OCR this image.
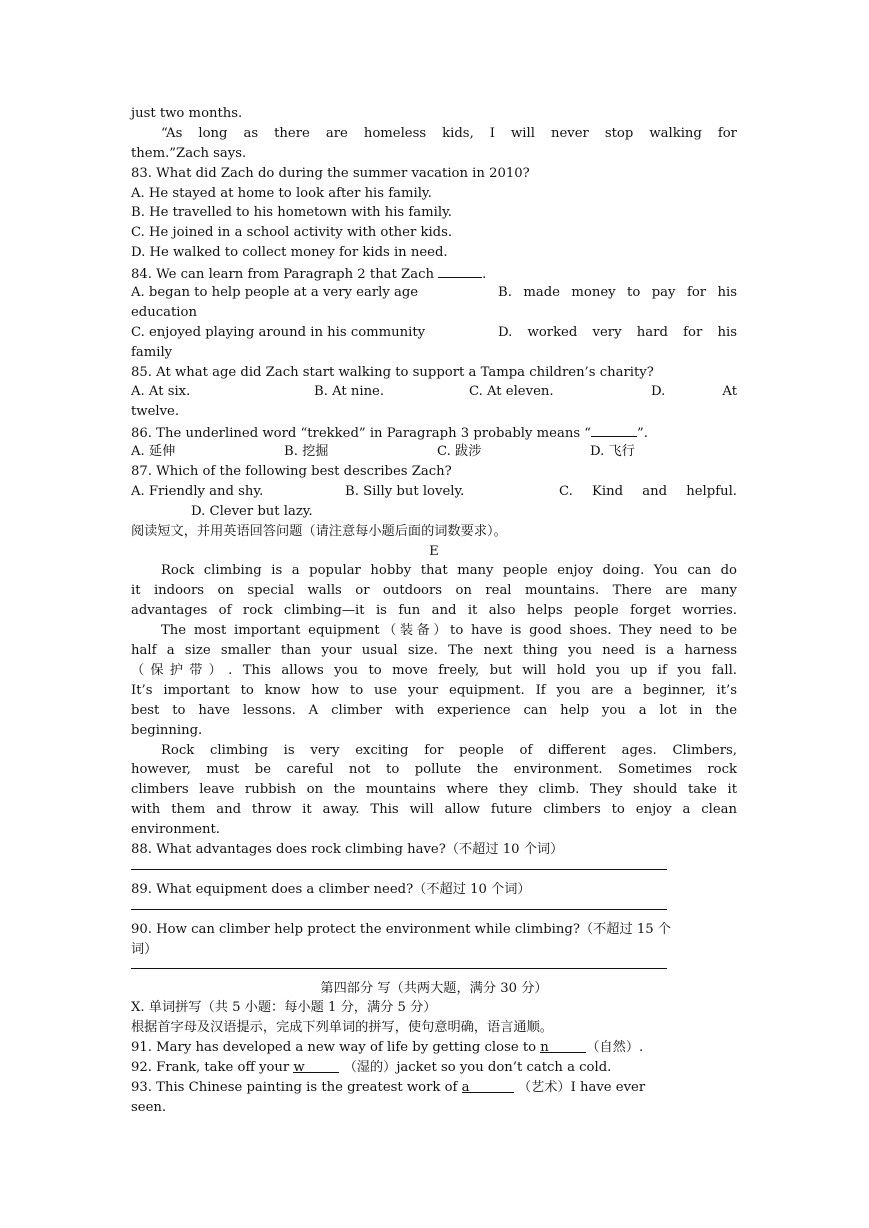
just two months.
“As long as there are homeless kids, I will never stop walking for
them.”Zach says.
83. What did Zach do during the summer vacation in 2010?
A. He stayed at home to look after his family.
B. He travelled to his hometown with his family.
C. He joined in a school activity with other kids.
D. He walked to collect money for kids in need.
84. We can learn from Paragraph 2 that Zach	.
A. began to help people at a very early age	B. made money to pay for his
education
C. enjoyed playing around in his community	D. worked very hard for his
family
85. At what age did Zach start walking to support a Tampa children’s charity?
A. At six.	B. At nine.	C. At eleven.	D.	At
twelve.
86. The underlined word “trekked” in Paragraph 3 probably means “	”.
A. 延伸	B. 挖掘	C. 跋涉	D. 飞行
87. Which of the following best describes Zach?
A. Friendly and shy.	B. Silly but lovely.	C. Kind and helpful.
D. Clever but lazy.
阅读短文，并用英语回答问题（请注意每小题后面的词数要求）。
E
Rock climbing is a popular hobby that many people enjoy doing. You can do
it indoors on special walls or outdoors on real mountains. There are many
advantages of rock climbing—it is fun and it also helps people forget worries.
The most important equipment（装备）to have is good shoes. They need to be
half a size smaller than your usual size. The next thing you need is a harness
（保护带）. This allows you to move freely, but will hold you up if you fall.
It’s important to know how to use your equipment. If you are a beginner, it’s
best to have lessons. A climber with experience can help you a lot in the
beginning.
Rock climbing is very exciting for people of different ages. Climbers,
however, must be careful not to pollute the environment. Sometimes rock
climbers leave rubbish on the mountains where they climb. They should take it
with them and throw it away. This will allow future climbers to enjoy a clean
environment.
88. What advantages does rock climbing have?（不超过 10 个词）
89. What equipment does a climber need?（不超过 10 个词）
90. How can climber help protect the environment while climbing?（不超过 15 个
词）
第四部分 写（共两大题，满分 30 分）
X. 单词拼写（共 5 小题：每小题 1 分，满分 5 分）
根据首字母及汉语提示，完成下列单词的拼写，使句意明确，语言通顺。
91. Mary has developed a new way of life by getting close to n	（自然）.
92. Frank, take off your w	（湿的）jacket so you don’t catch a cold.
93. This Chinese painting is the greatest work of a	（艺术）I have ever
seen.
